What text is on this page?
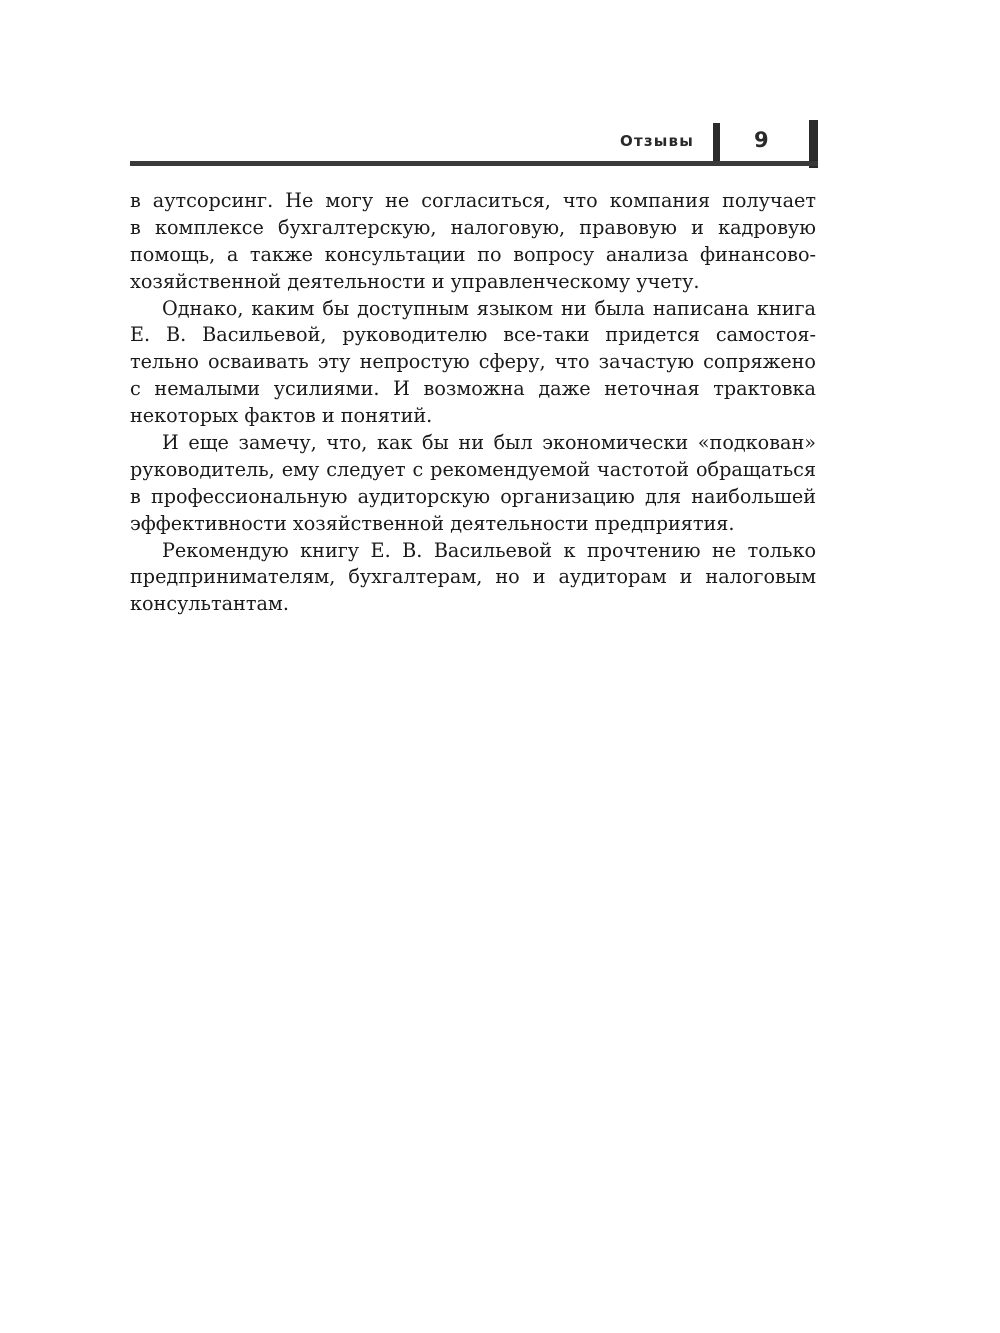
Отзывы	9
в аутсорсинг. Не могу не согласиться, что компания получает
в комплексе бухгалтерскую, налоговую, правовую и кадровую
помощь, а также консультации по вопросу анализа финансово-
хозяйственной деятельности и управленческому учету.
Однако, каким бы доступным языком ни была написана книга
Е. В. Васильевой, руководителю все-таки придется самостоя-
тельно осваивать эту непростую сферу, что зачастую сопряжено
с немалыми усилиями. И возможна даже неточная трактовка
некоторых фактов и понятий.
И еще замечу, что, как бы ни был экономически «подкован»
руководитель, ему следует с рекомендуемой частотой обращаться
в профессиональную аудиторскую организацию для наибольшей
эффективности хозяйственной деятельности предприятия.
Рекомендую книгу Е. В. Васильевой к прочтению не только
предпринимателям, бухгалтерам, но и аудиторам и налоговым
консультантам.
